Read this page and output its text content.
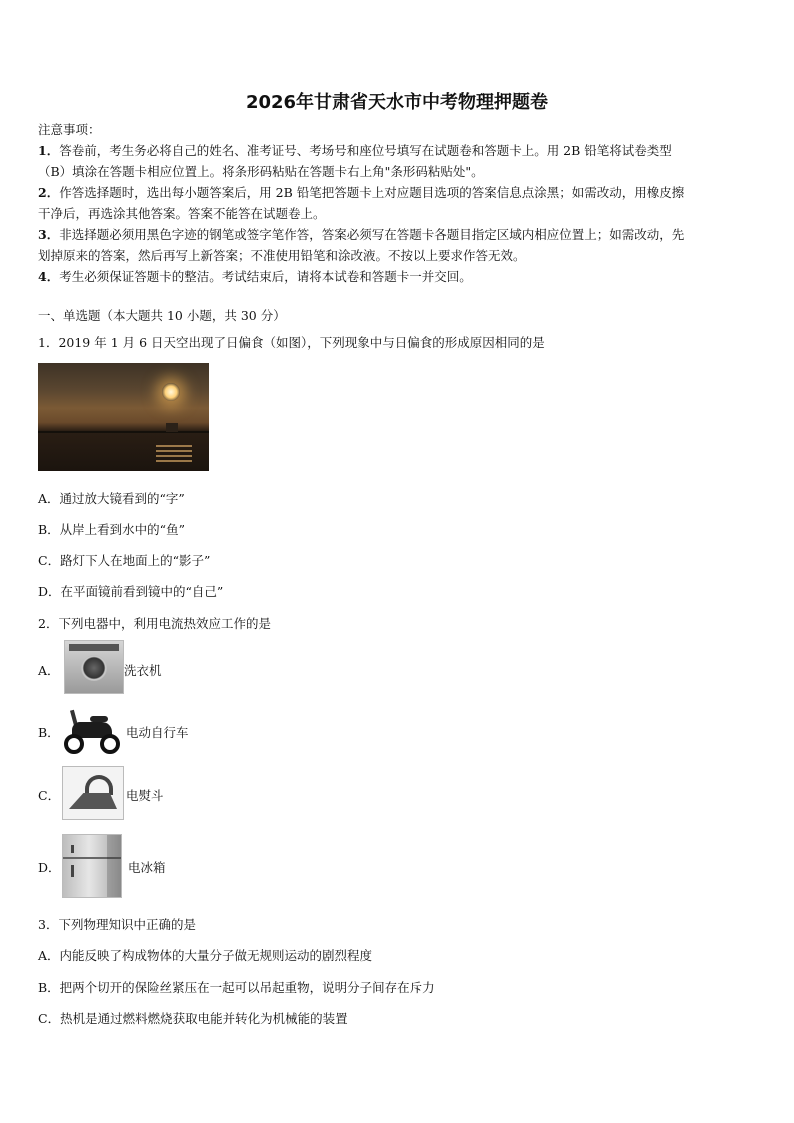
2026年甘肃省天水市中考物理押题卷
注意事项：

1．答卷前，考生务必将自己的姓名、准考证号、考场号和座位号填写在试题卷和答题卡上。用 2B 铅笔将试卷类型

（B）填涂在答题卡相应位置上。将条形码粘贴在答题卡右上角"条形码粘贴处"。

2．作答选择题时，选出每小题答案后，用 2B 铅笔把答题卡上对应题目选项的答案信息点涂黑；如需改动，用橡皮擦

干净后，再选涂其他答案。答案不能答在试题卷上。

3．非选择题必须用黑色字迹的钢笔或签字笔作答，答案必须写在答题卡各题目指定区域内相应位置上；如需改动，先

划掉原来的答案，然后再写上新答案；不准使用铅笔和涂改液。不按以上要求作答无效。

4．考生必须保证答题卡的整洁。考试结束后，请将本试卷和答题卡一并交回。

一、单选题（本大题共 10 小题，共 30 分）
1．2019 年 1 月 6 日天空出现了日偏食（如图），下列现象中与日偏食的形成原因相同的是
A．通过放大镜看到的“字”
B．从岸上看到水中的“鱼”
C．路灯下人在地面上的“影子”
D．在平面镜前看到镜中的“自己”
2．下列电器中，利用电流热效应工作的是
A．	洗衣机
B．	电动自行车
C．	电熨斗
D．	电冰箱
3．下列物理知识中正确的是
A．内能反映了构成物体的大量分子做无规则运动的剧烈程度
B．把两个切开的保险丝紧压在一起可以吊起重物，说明分子间存在斥力
C．热机是通过燃料燃烧获取电能并转化为机械能的装置
